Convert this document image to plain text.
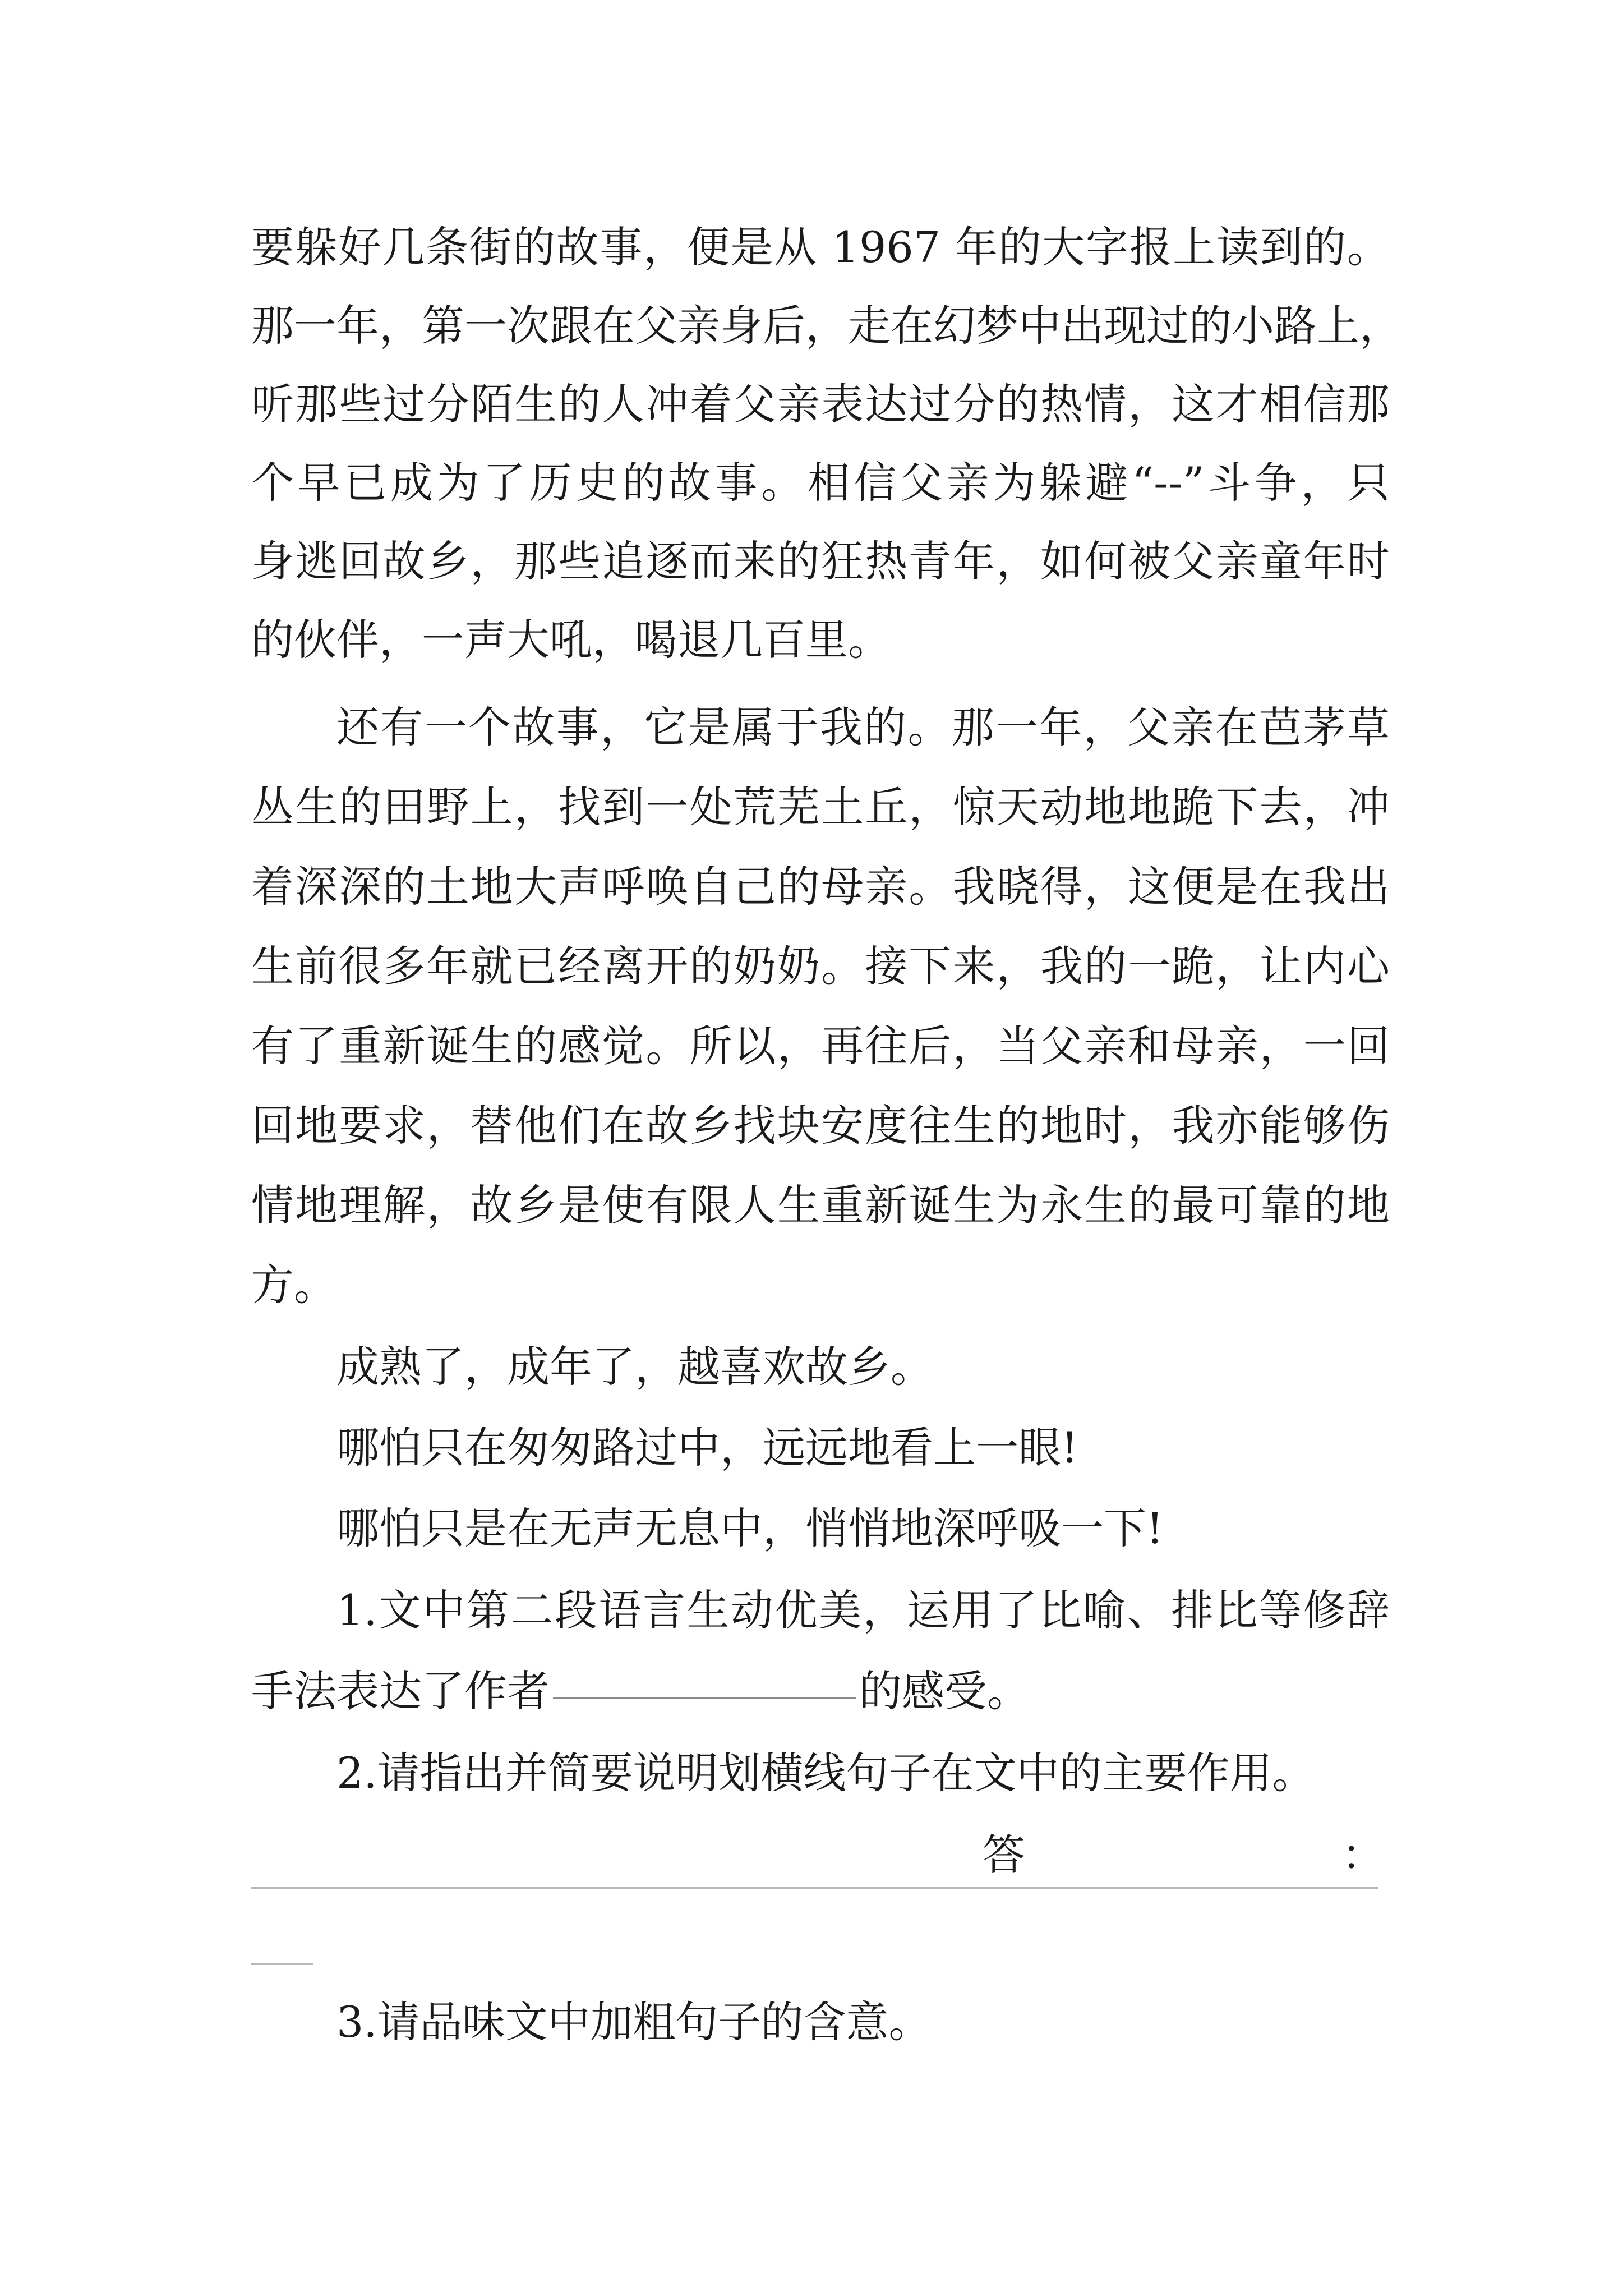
要躲好几条街的故事，便是从 1967 年的大字报上读到的。
那一年，第一次跟在父亲身后，走在幻梦中出现过的小路上，
听那些过分陌生的人冲着父亲表达过分的热情，这才相信那
个早已成为了历史的故事。相信父亲为躲避“--”斗争，只
身逃回故乡，那些追逐而来的狂热青年，如何被父亲童年时
的伙伴，一声大吼，喝退几百里。
还有一个故事，它是属于我的。那一年，父亲在芭茅草
丛生的田野上，找到一处荒芜土丘，惊天动地地跪下去，冲
着深深的土地大声呼唤自己的母亲。我晓得，这便是在我出
生前很多年就已经离开的奶奶。接下来，我的一跪，让内心
有了重新诞生的感觉。所以，再往后，当父亲和母亲，一回
回地要求，替他们在故乡找块安度往生的地时，我亦能够伤
情地理解，故乡是使有限人生重新诞生为永生的最可靠的地
方。
成熟了，成年了，越喜欢故乡。
哪怕只在匆匆路过中，远远地看上一眼!
哪怕只是在无声无息中，悄悄地深呼吸一下!
1.文中第二段语言生动优美，运用了比喻、排比等修辞
手法表达了作者	的感受。
2.请指出并简要说明划横线句子在文中的主要作用。
答	：
3.请品味文中加粗句子的含意。
